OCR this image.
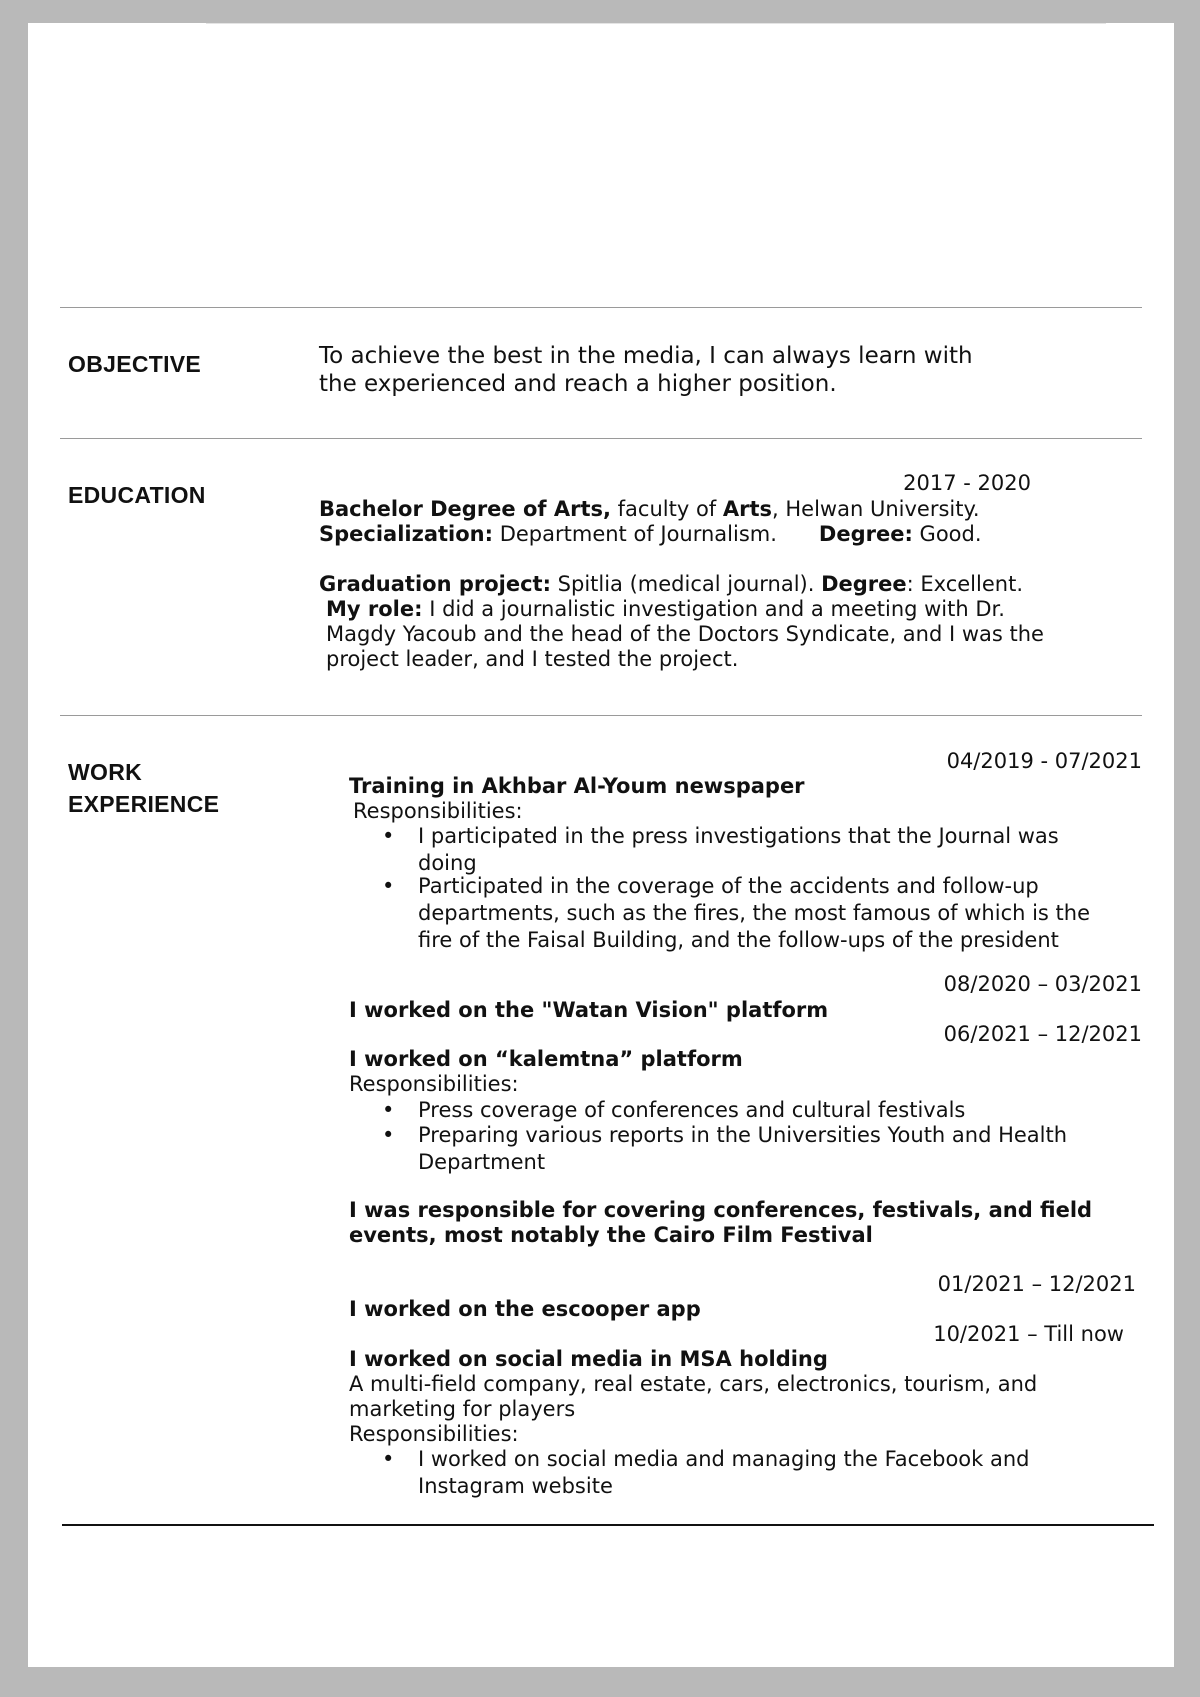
OBJECTIVE	To achieve the best in the media, I can always learn with
the experienced and reach a higher position.
EDUCATION	2017 - 2020
Bachelor Degree of Arts, faculty of Arts, Helwan University.
Specialization: Department of Journalism. Degree: Good.
Graduation project: Spitlia (medical journal). Degree: Excellent.
My role: I did a journalistic investigation and a meeting with Dr.
Magdy Yacoub and the head of the Doctors Syndicate, and I was the
project leader, and I tested the project.
WORK
EXPERIENCE
04/2019 - 07/2021
Training in Akhbar Al-Youm newspaper
Responsibilities:
• I participated in the press investigations that the Journal was
doing
• Participated in the coverage of the accidents and follow-up
departments, such as the fires, the most famous of which is the
fire of the Faisal Building, and the follow-ups of the president
08/2020 – 03/2021
I worked on the "Watan Vision" platform
06/2021 – 12/2021
I worked on “kalemtna” platform
Responsibilities:
• Press coverage of conferences and cultural festivals
• Preparing various reports in the Universities Youth and Health
Department
I was responsible for covering conferences, festivals, and field
events, most notably the Cairo Film Festival
01/2021 – 12/2021
I worked on the escooper app
10/2021 – Till now
I worked on social media in MSA holding
A multi-field company, real estate, cars, electronics, tourism, and
marketing for players
Responsibilities:
• I worked on social media and managing the Facebook and
Instagram website
